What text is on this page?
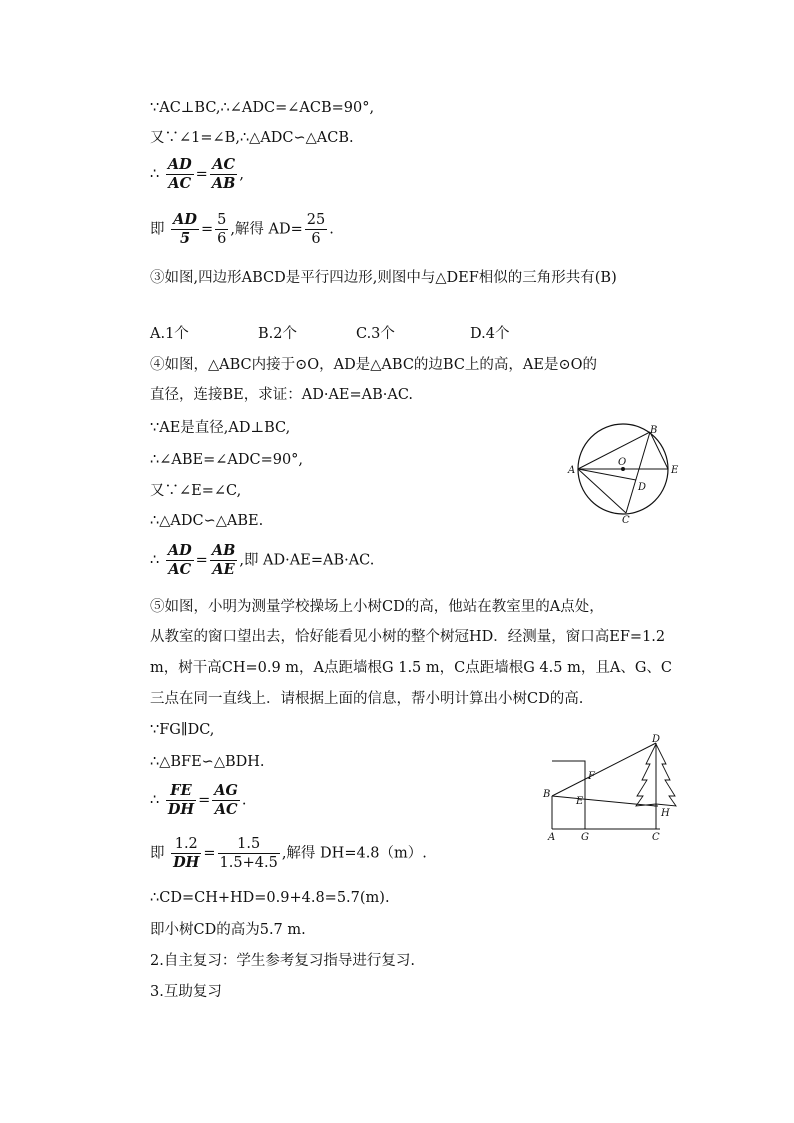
∵AC⊥BC,∴∠ADC=∠ACB=90°,
又∵∠1=∠B,∴△ADC∽△ACB.
∴ $\frac{AD}{AC} = \frac{AC}{AB}$ ,
即 $\frac{AD}{5} = \frac{5}{6}$ ,解得 $AD= \frac{25}{6}$ .
③如图,四边形ABCD是平行四边形,则图中与△DEF相似的三角形共有(B)
A.1个	B.2个	C.3个	D.4个
④如图，△ABC内接于⊙O，AD是△ABC的边BC上的高，AE是⊙O的
直径，连接BE，求证：AD·AE=AB·AC.
∵AE是直径,AD⊥BC,
∴∠ABE=∠ADC=90°,
又∵∠E=∠C,
∴△ADC∽△ABE.
∴ $\frac{AD}{AC} = \frac{AB}{AE}$ ,即 AD·AE=AB·AC.
⑤如图，小明为测量学校操场上小树CD的高，他站在教室里的A点处，
从教室的窗口望出去，恰好能看见小树的整个树冠HD．经测量，窗口高EF=1.2
m，树干高CH=0.9 m，A点距墙根G 1.5 m，C点距墙根G 4.5 m，且A、G、C
三点在同一直线上．请根据上面的信息，帮小明计算出小树CD的高.
∵FG∥DC,
∴△BFE∽△BDH.
∴ $\frac{FE}{DH} = \frac{AG}{AC}$ .
即 $\frac{1.2}{DH} = \frac{1.5}{1.5+4.5}$ ,解得 DH=4.8（m）.
∴CD=CH+HD=0.9+4.8=5.7(m).
即小树CD的高为5.7 m.
2.自主复习：学生参考复习指导进行复习.
3.互助复习
A
B
O
E
D
C
D
F
B
E
H
A	G	C
